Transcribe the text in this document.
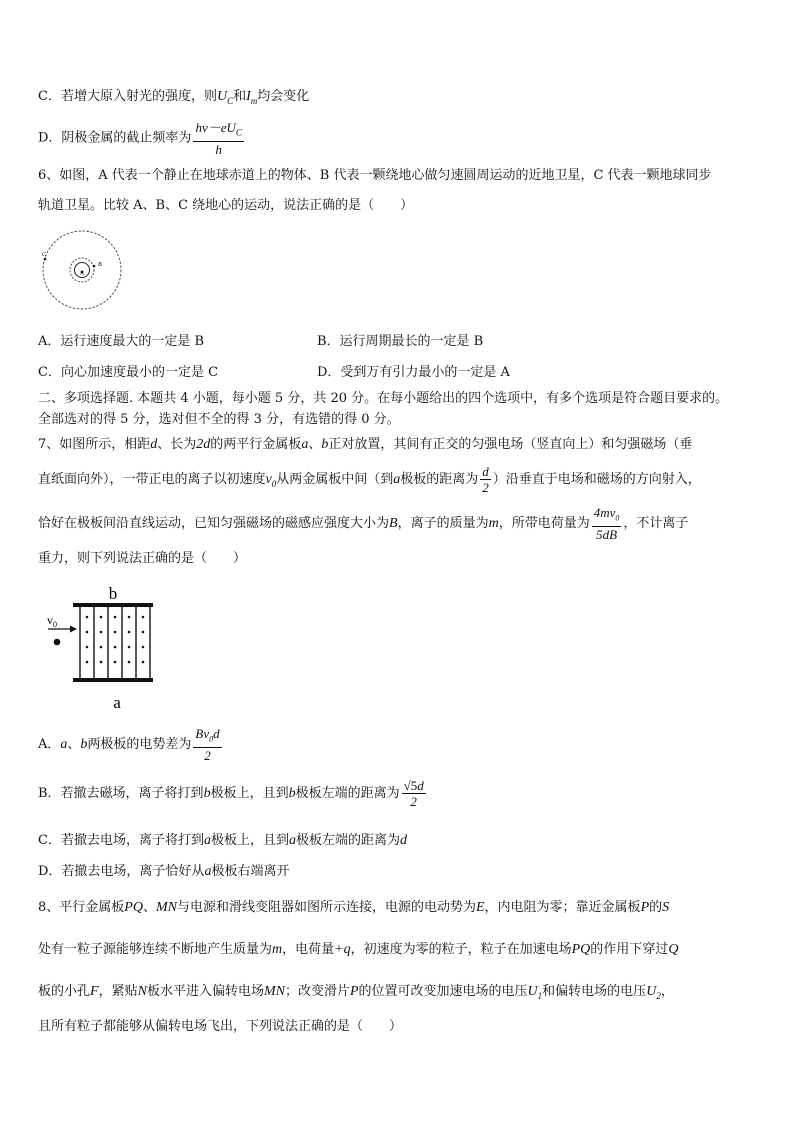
C．若增大原入射光的强度，则$U_C$和$I_m$均会变化
D．阴极金属的截止频率为 $\frac{h\nu-eU_C}{h}$
6、如图，A 代表一个静止在地球赤道上的物体、B 代表一颗绕地心做匀速圆周运动的近地卫星，C 代表一颗地球同步
轨道卫星。比较 A、B、C 绕地心的运动，说法正确的是（　　）
A
B
C
A．运行速度最大的一定是 B	B．运行周期最长的一定是 B
C．向心加速度最小的一定是 C	D．受到万有引力最小的一定是 A
二、多项选择题. 本题共 4 小题，每小题 5 分，共 20 分。在每小题给出的四个选项中，有多个选项是符合题目要求的。
全部选对的得 5 分，选对但不全的得 3 分，有选错的得 0 分。
7、如图所示，相距d、长为2d的两平行金属板a、b正对放置，其间有正交的匀强电场（竖直向上）和匀强磁场（垂
直纸面向外），一带正电的离子以初速度$v_0$从两金属板中间（到a极板的距离为 $\frac{d}{2}$ ）沿垂直于电场和磁场的方向射入，
恰好在极板间沿直线运动，已知匀强磁场的磁感应强度大小为B，离子的质量为m，所带电荷量为 $\frac{4mv_0}{5dB}$ ，不计离子
重力，则下列说法正确的是（　　）
b
$v_0$
a
A．a、b两极板的电势差为 $\frac{Bv_0d}{2}$
B．若撤去磁场，离子将打到b极板上，且到b极板左端的距离为 $\frac{√5d}{2}$
C．若撤去电场，离子将打到a极板上，且到a极板左端的距离为d
D．若撤去电场，离子恰好从a极板右端离开
8、平行金属板PQ、MN与电源和滑线变阻器如图所示连接，电源的电动势为E，内电阻为零；靠近金属板P的S
处有一粒子源能够连续不断地产生质量为m，电荷量+q，初速度为零的粒子，粒子在加速电场PQ的作用下穿过Q
板的小孔F，紧贴N板水平进入偏转电场MN；改变滑片P的位置可改变加速电场的电压$U_1$和偏转电场的电压$U_2$，
且所有粒子都能够从偏转电场飞出，下列说法正确的是（　　）
